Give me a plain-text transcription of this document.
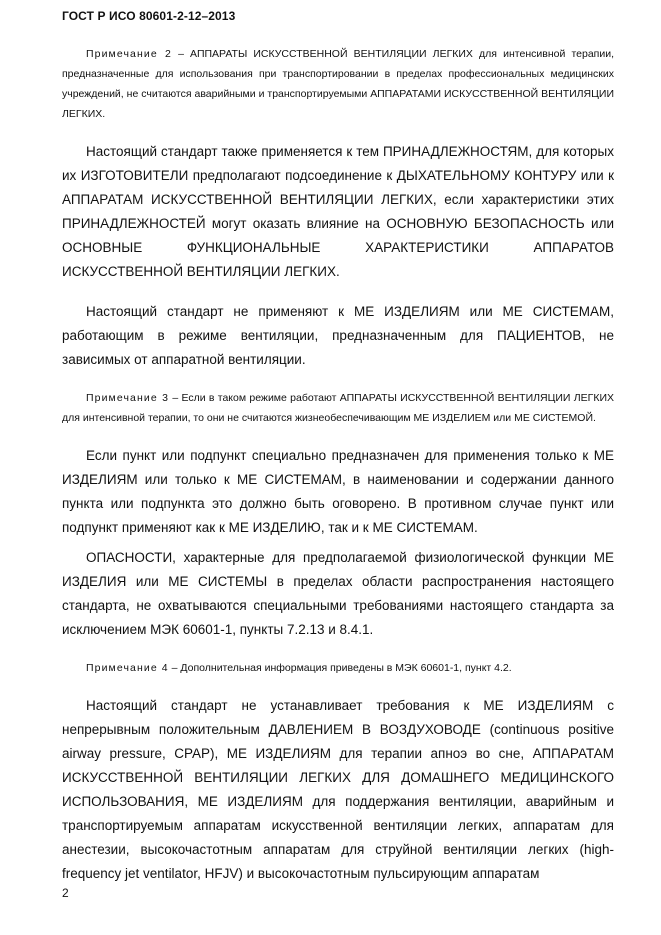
ГОСТ Р ИСО 80601-2-12–2013

Примечание 2 – АППАРАТЫ ИСКУССТВЕННОЙ ВЕНТИЛЯЦИИ ЛЕГКИХ для интенсивной терапии, предназначенные для использования при транспортировании в пределах профессиональных медицинских учреждений, не считаются аварийными и транспортируемыми АППАРАТАМИ ИСКУССТВЕННОЙ ВЕНТИЛЯЦИИ ЛЕГКИХ.

Настоящий стандарт также применяется к тем ПРИНАДЛЕЖНОСТЯМ, для которых их ИЗГОТОВИТЕЛИ предполагают подсоединение к ДЫХАТЕЛЬНОМУ КОНТУРУ или к АППАРАТАМ ИСКУССТВЕННОЙ ВЕНТИЛЯЦИИ ЛЕГКИХ, если характеристики этих ПРИНАДЛЕЖНОСТЕЙ могут оказать влияние на ОСНОВНУЮ БЕЗОПАСНОСТЬ или ОСНОВНЫЕ ФУНКЦИОНАЛЬНЫЕ ХАРАКТЕРИСТИКИ АППАРАТОВ ИСКУССТВЕННОЙ ВЕНТИЛЯЦИИ ЛЕГКИХ.

Настоящий стандарт не применяют к МЕ ИЗДЕЛИЯМ или МЕ СИСТЕМАМ, работающим в режиме вентиляции, предназначенным для ПАЦИЕНТОВ, не зависимых от аппаратной вентиляции.

Примечание 3 – Если в таком режиме работают АППАРАТЫ ИСКУССТВЕННОЙ ВЕНТИЛЯЦИИ ЛЕГКИХ для интенсивной терапии, то они не считаются жизнеобеспечивающим МЕ ИЗДЕЛИЕМ или МЕ СИСТЕМОЙ.

Если пункт или подпункт специально предназначен для применения только к МЕ ИЗДЕЛИЯМ или только к МЕ СИСТЕМАМ, в наименовании и содержании данного пункта или подпункта это должно быть оговорено. В противном случае пункт или подпункт применяют как к МЕ ИЗДЕЛИЮ, так и к МЕ СИСТЕМАМ.

ОПАСНОСТИ, характерные для предполагаемой физиологической функции МЕ ИЗДЕЛИЯ или МЕ СИСТЕМЫ в пределах области распространения настоящего стандарта, не охватываются специальными требованиями настоящего стандарта за исключением МЭК 60601-1, пункты 7.2.13 и 8.4.1.

Примечание 4 – Дополнительная информация приведены в МЭК 60601-1, пункт 4.2.

Настоящий стандарт не устанавливает требования к МЕ ИЗДЕЛИЯМ с непрерывным положительным ДАВЛЕНИЕМ В ВОЗДУХОВОДЕ (continuous positive airway pressure, CPAP), МЕ ИЗДЕЛИЯМ для терапии апноэ во сне, АППАРАТАМ ИСКУССТВЕННОЙ ВЕНТИЛЯЦИИ ЛЕГКИХ ДЛЯ ДОМАШНЕГО МЕДИЦИНСКОГО ИСПОЛЬЗОВАНИЯ, МЕ ИЗДЕЛИЯМ для поддержания вентиляции, аварийным и транспортируемым аппаратам искусственной вентиляции легких, аппаратам для анестезии, высокочастотным аппаратам для струйной вентиляции легких (high-frequency jet ventilator, HFJV) и высокочастотным пульсирующим аппаратам

2
